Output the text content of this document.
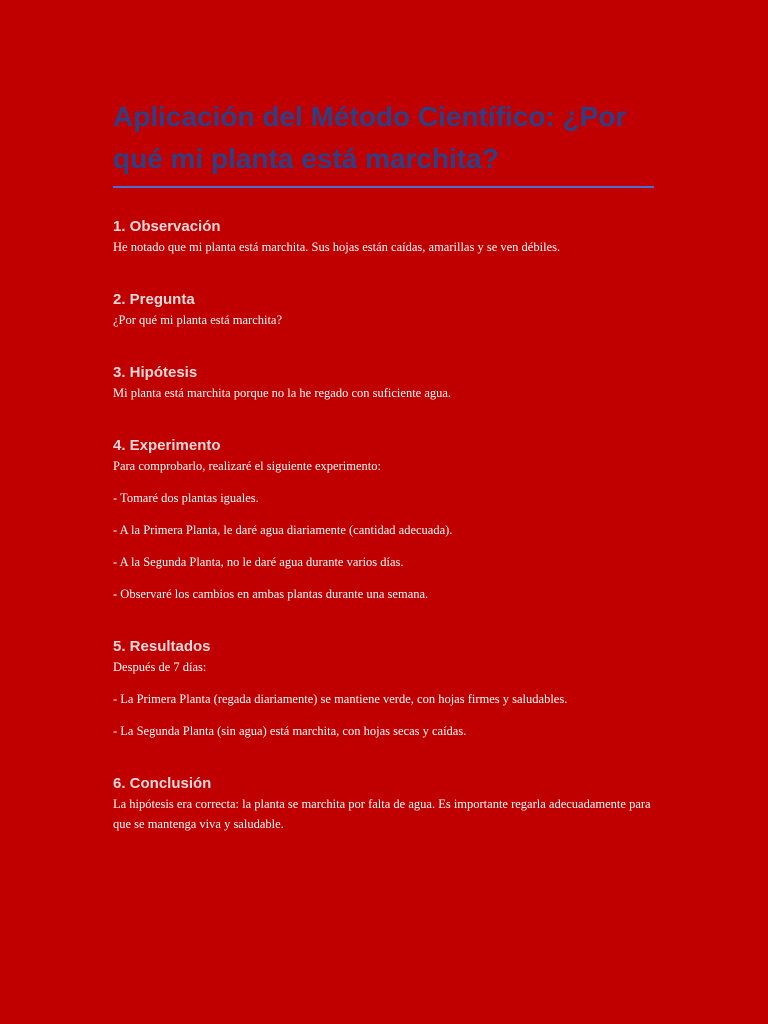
Aplicación del Método Científico: ¿Por qué mi planta está marchita?
1. Observación

He notado que mi planta está marchita. Sus hojas están caídas, amarillas y se ven débiles.

2. Pregunta

¿Por qué mi planta está marchita?

3. Hipótesis

Mi planta está marchita porque no la he regado con suficiente agua.

4. Experimento

Para comprobarlo, realizaré el siguiente experimento:

- Tomaré dos plantas iguales.

- A la Primera Planta, le daré agua diariamente (cantidad adecuada).

- A la Segunda Planta, no le daré agua durante varios días.

- Observaré los cambios en ambas plantas durante una semana.

5. Resultados

Después de 7 días:

- La Primera Planta (regada diariamente) se mantiene verde, con hojas firmes y saludables.

- La Segunda Planta (sin agua) está marchita, con hojas secas y caídas.

6. Conclusión

La hipótesis era correcta: la planta se marchita por falta de agua. Es importante regarla adecuadamente para que se mantenga viva y saludable.
